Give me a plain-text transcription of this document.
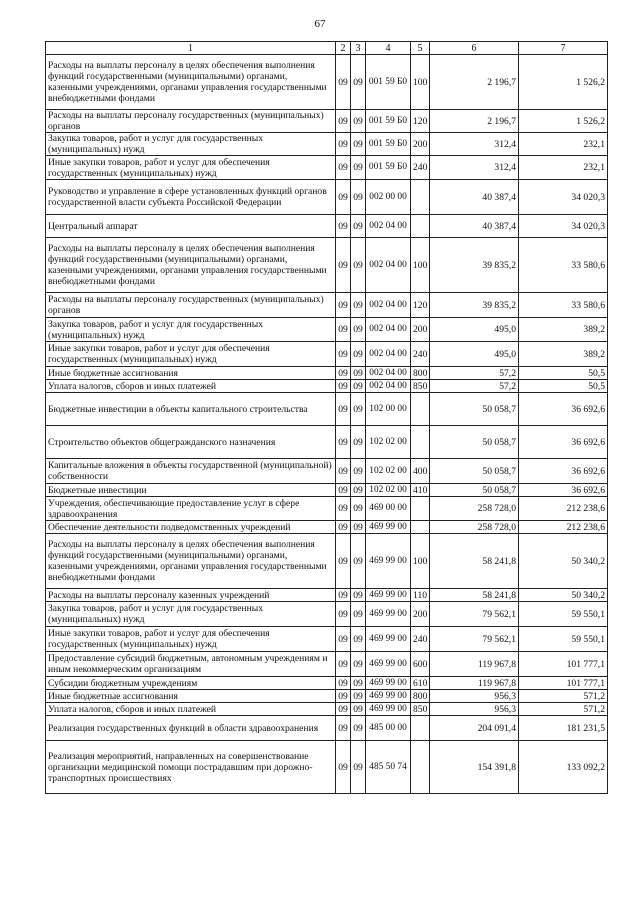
67
1	2	3	4	5	6	7
Расходы на выплаты персоналу в целях обеспечения выполнения функций государственными (муниципальными) органами, казенными учреждениями, органами управления государственными внебюджетными фондами	09	09	001 59 Б0	100	2 196,7	1 526,2
Расходы на выплаты персоналу государственных (муниципальных) органов	09	09	001 59 Б0	120	2 196,7	1 526,2
Закупка товаров, работ и услуг для государственных (муниципальных) нужд	09	09	001 59 Б0	200	312,4	232,1
Иные закупки товаров, работ и услуг для обеспечения государственных (муниципальных) нужд	09	09	001 59 Б0	240	312,4	232,1
Руководство и управление в сфере установленных функций органов государственной власти субъекта Российской Федерации	09	09	002 00 00		40 387,4	34 020,3
Центральный аппарат	09	09	002 04 00		40 387,4	34 020,3
Расходы на выплаты персоналу в целях обеспечения выполнения функций государственными (муниципальными) органами, казенными учреждениями, органами управления государственными внебюджетными фондами	09	09	002 04 00	100	39 835,2	33 580,6
Расходы на выплаты персоналу государственных (муниципальных) органов	09	09	002 04 00	120	39 835,2	33 580,6
Закупка товаров, работ и услуг для государственных (муниципальных) нужд	09	09	002 04 00	200	495,0	389,2
Иные закупки товаров, работ и услуг для обеспечения государственных (муниципальных) нужд	09	09	002 04 00	240	495,0	389,2
Иные бюджетные ассигнования	09	09	002 04 00	800	57,2	50,5
Уплата налогов, сборов и иных платежей	09	09	002 04 00	850	57,2	50,5
Бюджетные инвестиции в объекты капитального строительства	09	09	102 00 00		50 058,7	36 692,6
Строительство объектов общегражданского назначения	09	09	102 02 00		50 058,7	36 692,6
Капитальные вложения в объекты государственной (муниципальной) собственности	09	09	102 02 00	400	50 058,7	36 692,6
Бюджетные инвестиции	09	09	102 02 00	410	50 058,7	36 692,6
Учреждения, обеспечивающие предоставление услуг в сфере здравоохранения	09	09	469 00 00		258 728,0	212 238,6
Обеспечение деятельности подведомственных учреждений	09	09	469 99 00		258 728,0	212 238,6
Расходы на выплаты персоналу в целях обеспечения выполнения функций государственными (муниципальными) органами, казенными учреждениями, органами управления государственными внебюджетными фондами	09	09	469 99 00	100	58 241,8	50 340,2
Расходы на выплаты персоналу казенных учреждений	09	09	469 99 00	110	58 241,8	50 340,2
Закупка товаров, работ и услуг для государственных (муниципальных) нужд	09	09	469 99 00	200	79 562,1	59 550,1
Иные закупки товаров, работ и услуг для обеспечения государственных (муниципальных) нужд	09	09	469 99 00	240	79 562,1	59 550,1
Предоставление субсидий бюджетным, автономным учреждениям и иным некоммерческим организациям	09	09	469 99 00	600	119 967,8	101 777,1
Субсидии бюджетным учреждениям	09	09	469 99 00	610	119 967,8	101 777,1
Иные бюджетные ассигнования	09	09	469 99 00	800	956,3	571,2
Уплата налогов, сборов и иных платежей	09	09	469 99 00	850	956,3	571,2
Реализация государственных функций в области здравоохранения	09	09	485 00 00		204 091,4	181 231,5
Реализация мероприятий, направленных на совершенствование организации медицинской помощи пострадавшим при дорожно-транспортных происшествиях	09	09	485 50 74		154 391,8	133 092,2
